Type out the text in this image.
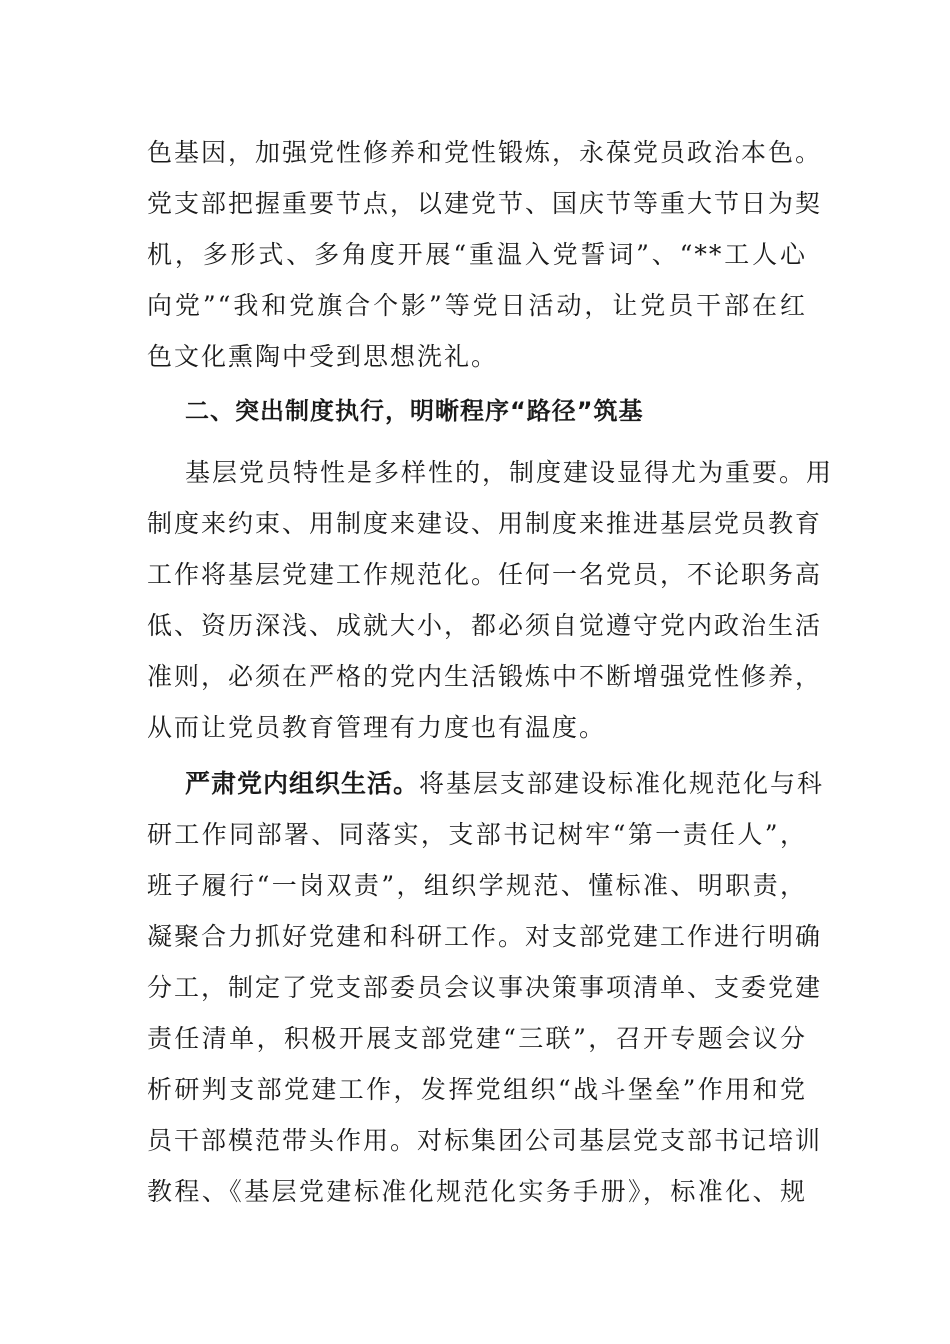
色基因，加强党性修养和党性锻炼，永葆党员政治本色。
党支部把握重要节点，以建党节、国庆节等重大节日为契
机，多形式、多角度开展“重温入党誓词”、“**工人心
向党”“我和党旗合个影”等党日活动，让党员干部在红
色文化熏陶中受到思想洗礼。
二、突出制度执行，明晰程序“路径”筑基
基层党员特性是多样性的，制度建设显得尤为重要。用
制度来约束、用制度来建设、用制度来推进基层党员教育
工作将基层党建工作规范化。任何一名党员，不论职务高
低、资历深浅、成就大小，都必须自觉遵守党内政治生活
准则，必须在严格的党内生活锻炼中不断增强党性修养，
从而让党员教育管理有力度也有温度。
严肃党内组织生活。将基层支部建设标准化规范化与科
研工作同部署、同落实，支部书记树牢“第一责任人”，
班子履行“一岗双责”，组织学规范、懂标准、明职责，
凝聚合力抓好党建和科研工作。对支部党建工作进行明确
分工，制定了党支部委员会议事决策事项清单、支委党建
责任清单，积极开展支部党建“三联”，召开专题会议分
析研判支部党建工作，发挥党组织“战斗堡垒”作用和党
员干部模范带头作用。对标集团公司基层党支部书记培训
教程、《基层党建标准化规范化实务手册》，标准化、规
